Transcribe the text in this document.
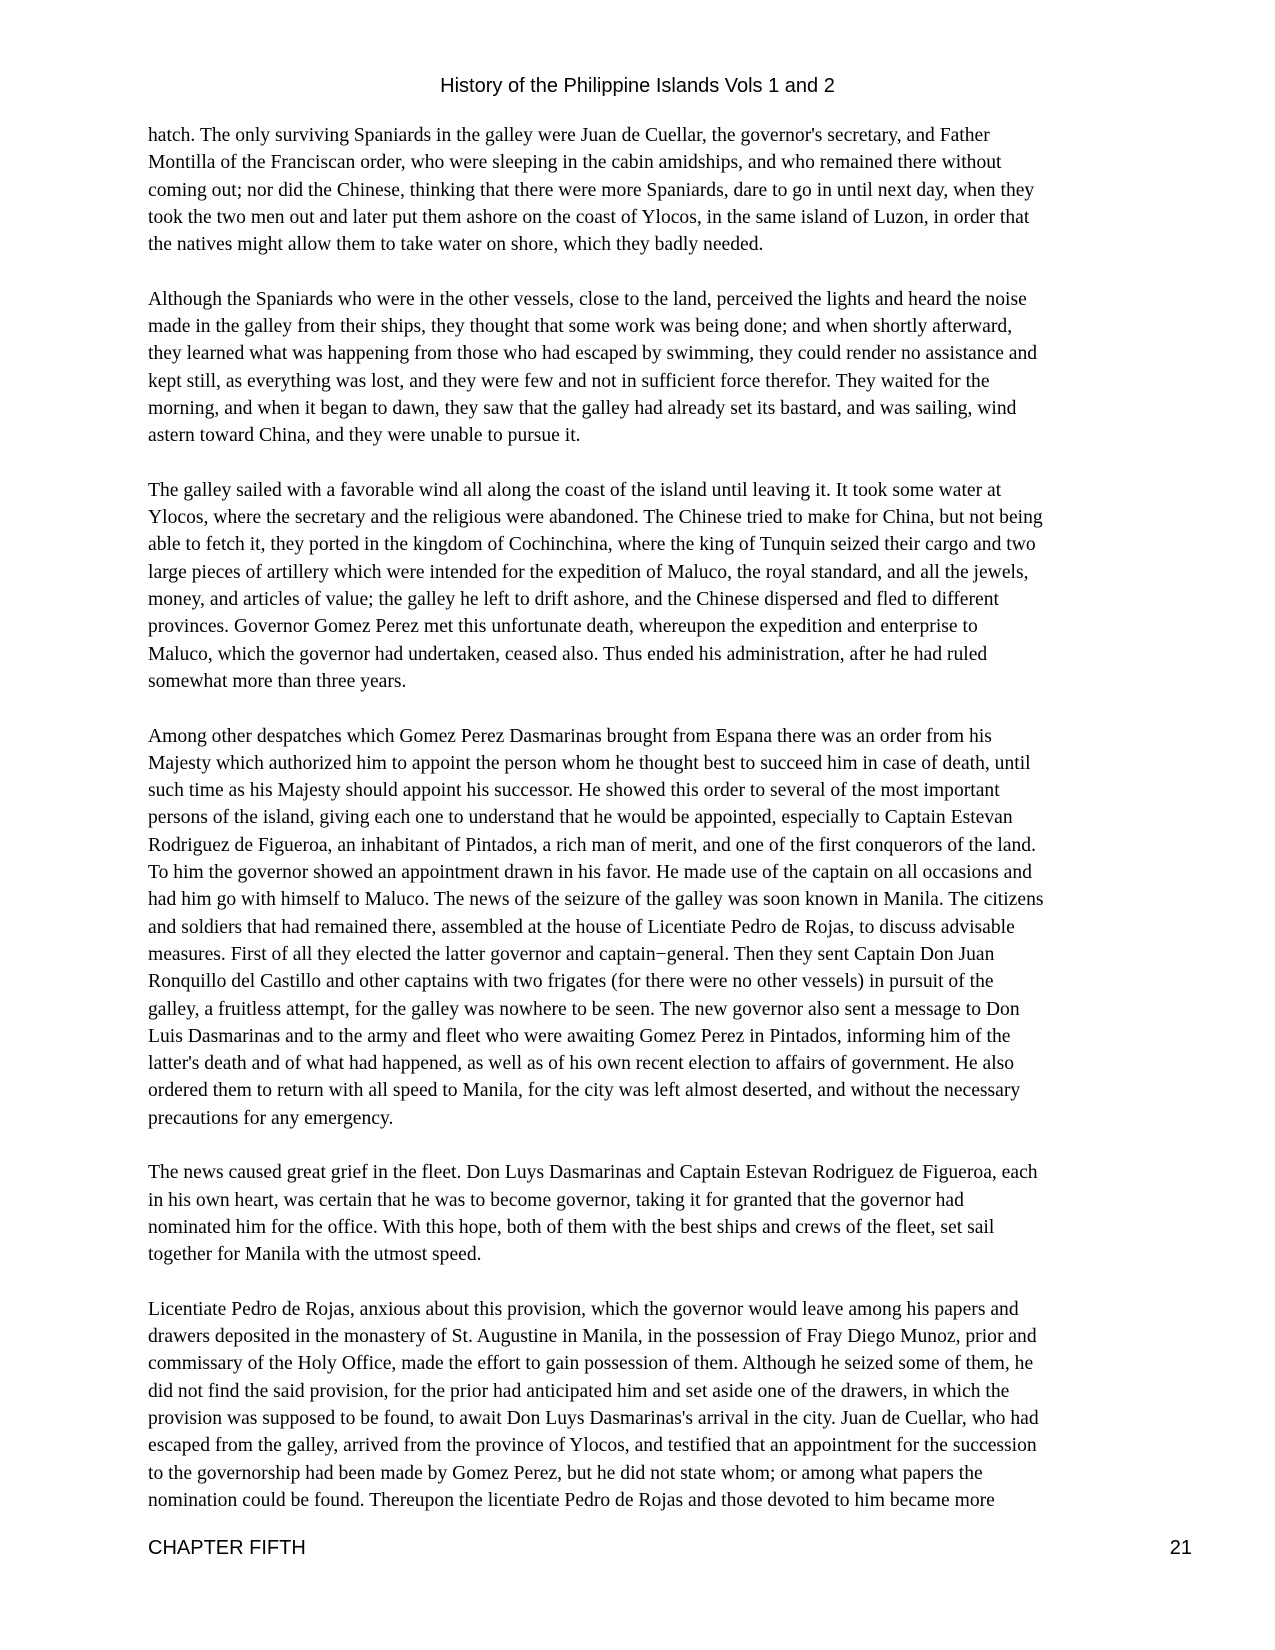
History of the Philippine Islands Vols 1 and 2

hatch. The only surviving Spaniards in the galley were Juan de Cuellar, the governor's secretary, and Father
Montilla of the Franciscan order, who were sleeping in the cabin amidships, and who remained there without
coming out; nor did the Chinese, thinking that there were more Spaniards, dare to go in until next day, when they
took the two men out and later put them ashore on the coast of Ylocos, in the same island of Luzon, in order that
the natives might allow them to take water on shore, which they badly needed.

Although the Spaniards who were in the other vessels, close to the land, perceived the lights and heard the noise
made in the galley from their ships, they thought that some work was being done; and when shortly afterward,
they learned what was happening from those who had escaped by swimming, they could render no assistance and
kept still, as everything was lost, and they were few and not in sufficient force therefor. They waited for the
morning, and when it began to dawn, they saw that the galley had already set its bastard, and was sailing, wind
astern toward China, and they were unable to pursue it.

The galley sailed with a favorable wind all along the coast of the island until leaving it. It took some water at
Ylocos, where the secretary and the religious were abandoned. The Chinese tried to make for China, but not being
able to fetch it, they ported in the kingdom of Cochinchina, where the king of Tunquin seized their cargo and two
large pieces of artillery which were intended for the expedition of Maluco, the royal standard, and all the jewels,
money, and articles of value; the galley he left to drift ashore, and the Chinese dispersed and fled to different
provinces. Governor Gomez Perez met this unfortunate death, whereupon the expedition and enterprise to
Maluco, which the governor had undertaken, ceased also. Thus ended his administration, after he had ruled
somewhat more than three years.

Among other despatches which Gomez Perez Dasmarinas brought from Espana there was an order from his
Majesty which authorized him to appoint the person whom he thought best to succeed him in case of death, until
such time as his Majesty should appoint his successor. He showed this order to several of the most important
persons of the island, giving each one to understand that he would be appointed, especially to Captain Estevan
Rodriguez de Figueroa, an inhabitant of Pintados, a rich man of merit, and one of the first conquerors of the land.
To him the governor showed an appointment drawn in his favor. He made use of the captain on all occasions and
had him go with himself to Maluco. The news of the seizure of the galley was soon known in Manila. The citizens
and soldiers that had remained there, assembled at the house of Licentiate Pedro de Rojas, to discuss advisable
measures. First of all they elected the latter governor and captain−general. Then they sent Captain Don Juan
Ronquillo del Castillo and other captains with two frigates (for there were no other vessels) in pursuit of the
galley, a fruitless attempt, for the galley was nowhere to be seen. The new governor also sent a message to Don
Luis Dasmarinas and to the army and fleet who were awaiting Gomez Perez in Pintados, informing him of the
latter's death and of what had happened, as well as of his own recent election to affairs of government. He also
ordered them to return with all speed to Manila, for the city was left almost deserted, and without the necessary
precautions for any emergency.

The news caused great grief in the fleet. Don Luys Dasmarinas and Captain Estevan Rodriguez de Figueroa, each
in his own heart, was certain that he was to become governor, taking it for granted that the governor had
nominated him for the office. With this hope, both of them with the best ships and crews of the fleet, set sail
together for Manila with the utmost speed.

Licentiate Pedro de Rojas, anxious about this provision, which the governor would leave among his papers and
drawers deposited in the monastery of St. Augustine in Manila, in the possession of Fray Diego Munoz, prior and
commissary of the Holy Office, made the effort to gain possession of them. Although he seized some of them, he
did not find the said provision, for the prior had anticipated him and set aside one of the drawers, in which the
provision was supposed to be found, to await Don Luys Dasmarinas's arrival in the city. Juan de Cuellar, who had
escaped from the galley, arrived from the province of Ylocos, and testified that an appointment for the succession
to the governorship had been made by Gomez Perez, but he did not state whom; or among what papers the
nomination could be found. Thereupon the licentiate Pedro de Rojas and those devoted to him became more

CHAPTER FIFTH	21
